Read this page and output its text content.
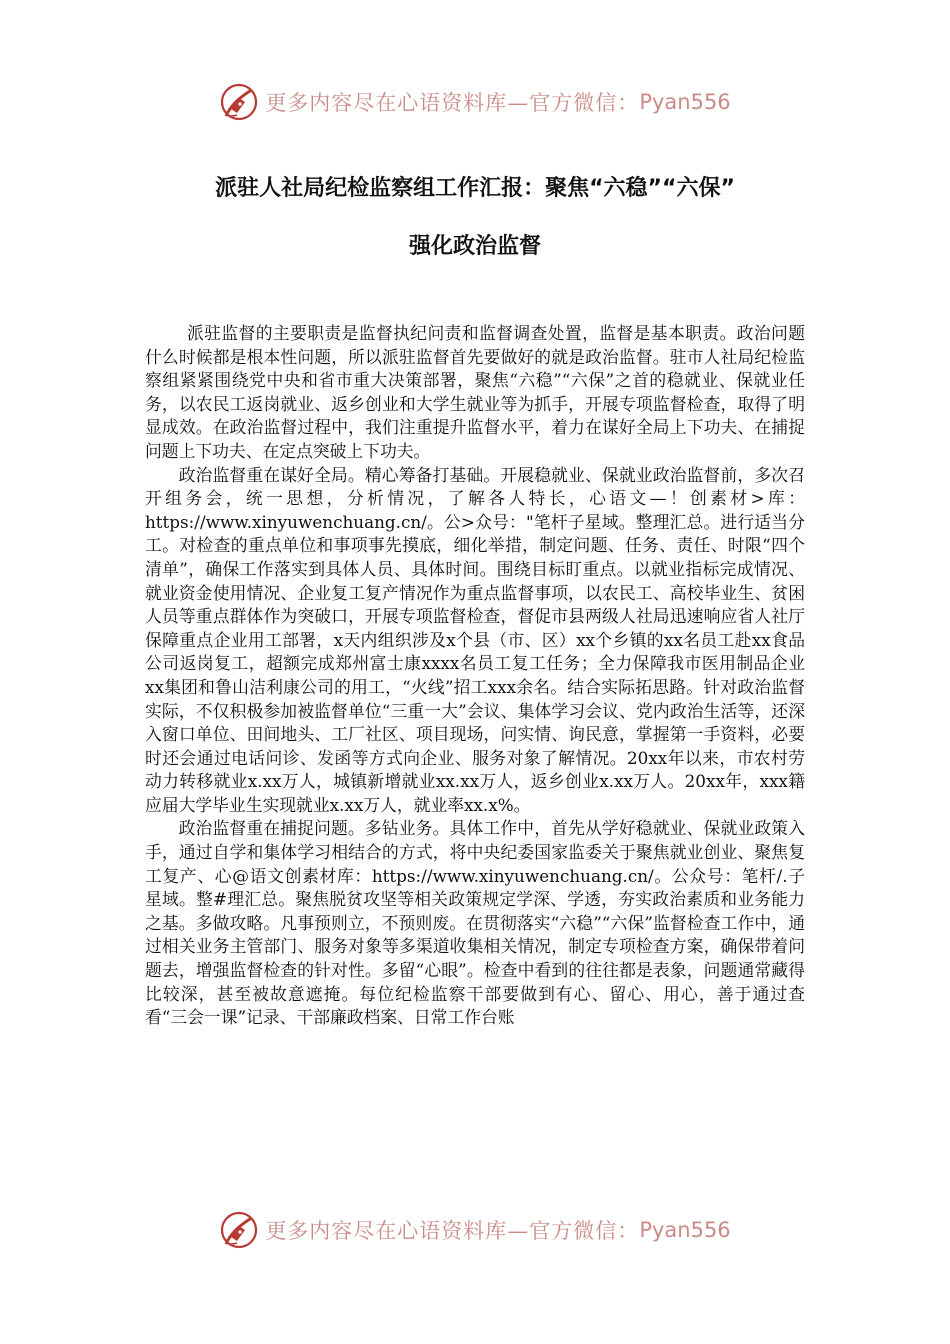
更多内容尽在心语资料库—官方微信： Pyan556
派驻人社局纪检监察组工作汇报：聚焦“六稳”“六保”
强化政治监督

派驻监督的主要职责是监督执纪问责和监督调查处置，监督是基本职责。政治问题什么时候都是根本性问题，所以派驻监督首先要做好的就是政治监督。驻市人社局纪检监察组紧紧围绕党中央和省市重大决策部署，聚焦“六稳”“六保”之首的稳就业、保就业任务，以农民工返岗就业、返乡创业和大学生就业等为抓手，开展专项监督检查，取得了明显成效。在政治监督过程中，我们注重提升监督水平，着力在谋好全局上下功夫、在捕捉问题上下功夫、在定点突破上下功夫。

政治监督重在谋好全局。精心筹备打基础。开展稳就业、保就业政治监督前，多次召开组务会，统一思想，分析情况，了解各人特长，心语文—！创素材>库：https://www.xinyuwenchuang.cn/。公>众号："笔杆子星域。整理汇总。进行适当分工。对检查的重点单位和事项事先摸底，细化举措，制定问题、任务、责任、时限“四个清单”，确保工作落实到具体人员、具体时间。围绕目标盯重点。以就业指标完成情况、就业资金使用情况、企业复工复产情况作为重点监督事项，以农民工、高校毕业生、贫困人员等重点群体作为突破口，开展专项监督检查，督促市县两级人社局迅速响应省人社厅保障重点企业用工部署，x天内组织涉及x个县（市、区）xx个乡镇的xx名员工赴xx食品公司返岗复工，超额完成郑州富士康xxxx名员工复工任务；全力保障我市医用制品企业xx集团和鲁山洁利康公司的用工，“火线”招工xxx余名。结合实际拓思路。针对政治监督实际，不仅积极参加被监督单位“三重一大”会议、集体学习会议、党内政治生活等，还深入窗口单位、田间地头、工厂社区、项目现场，问实情、询民意，掌握第一手资料，必要时还会通过电话问诊、发函等方式向企业、服务对象了解情况。20xx年以来，市农村劳动力转移就业x.xx万人，城镇新增就业xx.xx万人，返乡创业x.xx万人。20xx年，xxx籍应届大学毕业生实现就业x.xx万人，就业率xx.x%。

政治监督重在捕捉问题。多钻业务。具体工作中，首先从学好稳就业、保就业政策入手，通过自学和集体学习相结合的方式，将中央纪委国家监委关于聚焦就业创业、聚焦复工复产、心@语文创素材库：https://www.xinyuwenchuang.cn/。公众号：笔杆/.子星域。整#理汇总。聚焦脱贫攻坚等相关政策规定学深、学透，夯实政治素质和业务能力之基。多做攻略。凡事预则立，不预则废。在贯彻落实“六稳”“六保”监督检查工作中，通过相关业务主管部门、服务对象等多渠道收集相关情况，制定专项检查方案，确保带着问题去，增强监督检查的针对性。多留“心眼”。检查中看到的往往都是表象，问题通常藏得比较深，甚至被故意遮掩。每位纪检监察干部要做到有心、留心、用心，善于通过查看“三会一课”记录、干部廉政档案、日常工作台账

更多内容尽在心语资料库—官方微信： Pyan556
